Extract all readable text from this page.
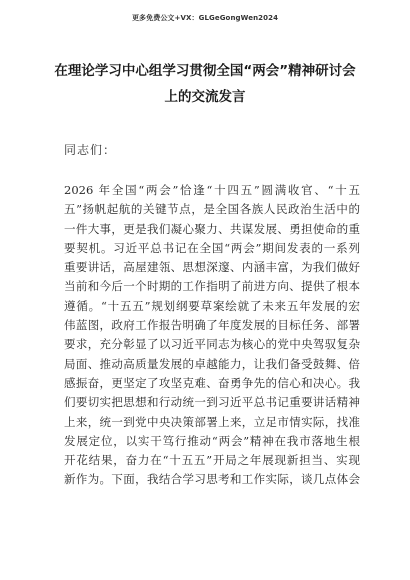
更多免费公文+VX：GLGeGongWen2024
在理论学习中心组学习贯彻全国“两会”精神研讨会
上的交流发言
同志们：
2026 年全国“两会”恰逢“十四五”圆满收官、“十五
五”扬帆起航的关键节点，是全国各族人民政治生活中的
一件大事，更是我们凝心聚力、共谋发展、勇担使命的重
要契机。习近平总书记在全国“两会”期间发表的一系列
重要讲话，高屋建瓴、思想深邃、内涵丰富，为我们做好
当前和今后一个时期的工作指明了前进方向、提供了根本
遵循。“十五五”规划纲要草案绘就了未来五年发展的宏
伟蓝图，政府工作报告明确了年度发展的目标任务、部署
要求，充分彰显了以习近平同志为核心的党中央驾驭复杂
局面、推动高质量发展的卓越能力，让我们备受鼓舞、倍
感振奋，更坚定了攻坚克难、奋勇争先的信心和决心。我
们要切实把思想和行动统一到习近平总书记重要讲话精神
上来，统一到党中央决策部署上来，立足市情实际，找准
发展定位，以实干笃行推动“两会”精神在我市落地生根
开花结果，奋力在“十五五”开局之年展现新担当、实现
新作为。下面，我结合学习思考和工作实际，谈几点体会
